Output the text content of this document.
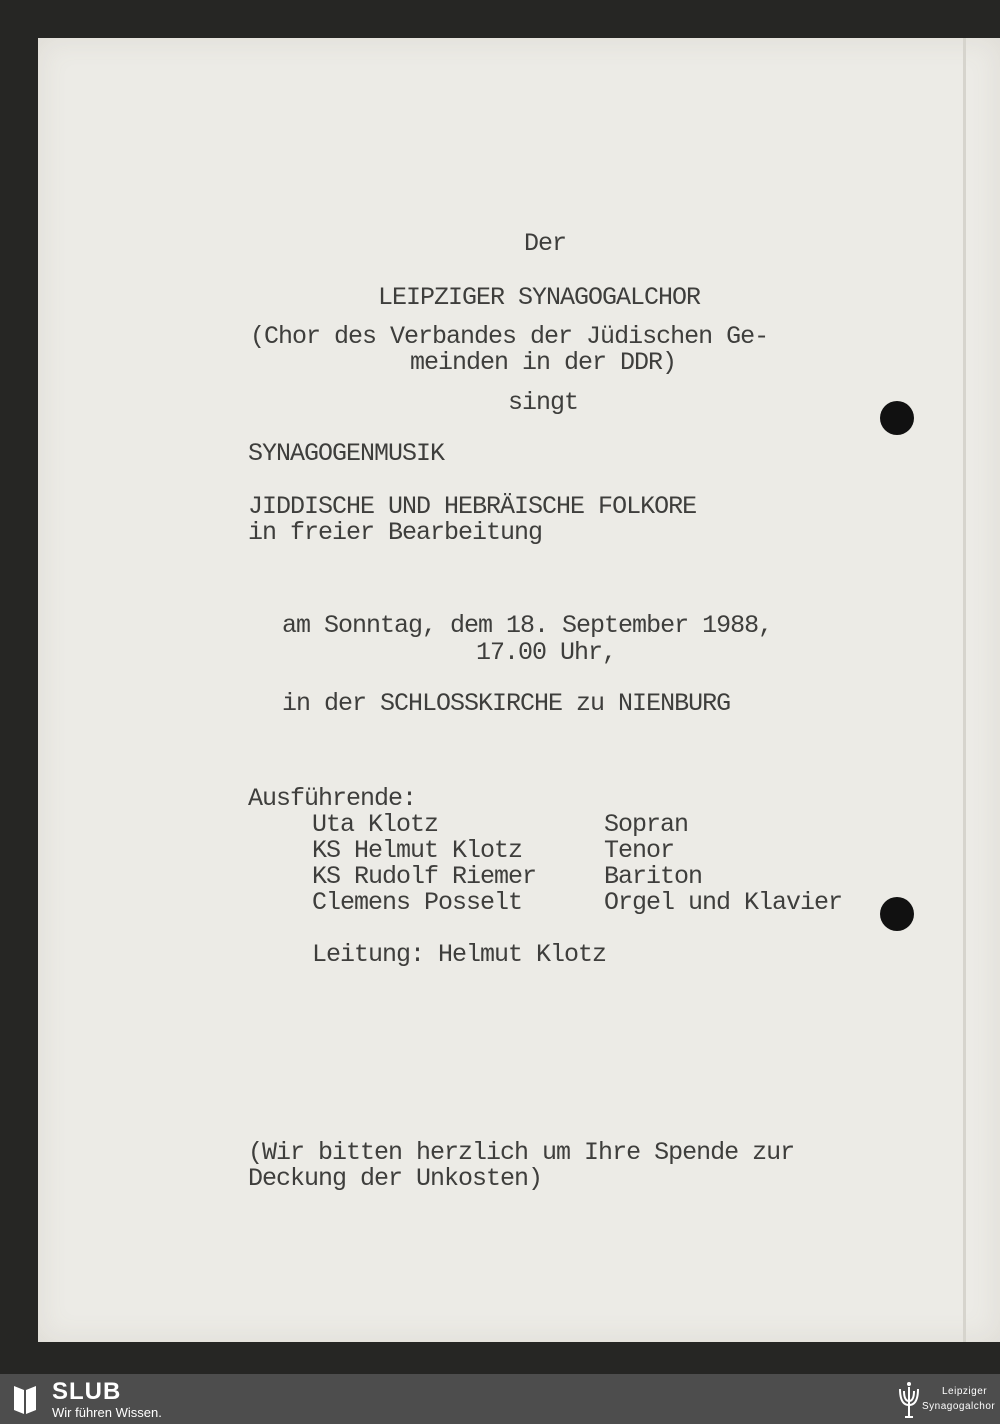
Der
LEIPZIGER SYNAGOGALCHOR
(Chor des Verbandes der Jüdischen Ge-
meinden in der DDR)
singt
SYNAGOGENMUSIK
JIDDISCHE UND HEBRÄISCHE FOLKORE
in freier Bearbeitung
am Sonntag, dem 18. September 1988,
17.00 Uhr,
in der SCHLOSSKIRCHE zu NIENBURG
Ausführende:
Uta Klotz	Sopran
KS Helmut Klotz	Tenor
KS Rudolf Riemer	Bariton
Clemens Posselt	Orgel und Klavier
Leitung: Helmut Klotz
(Wir bitten herzlich um Ihre Spende zur
Deckung der Unkosten)
SLUB
Wir führen Wissen.
Leipziger
Synagogalchor
